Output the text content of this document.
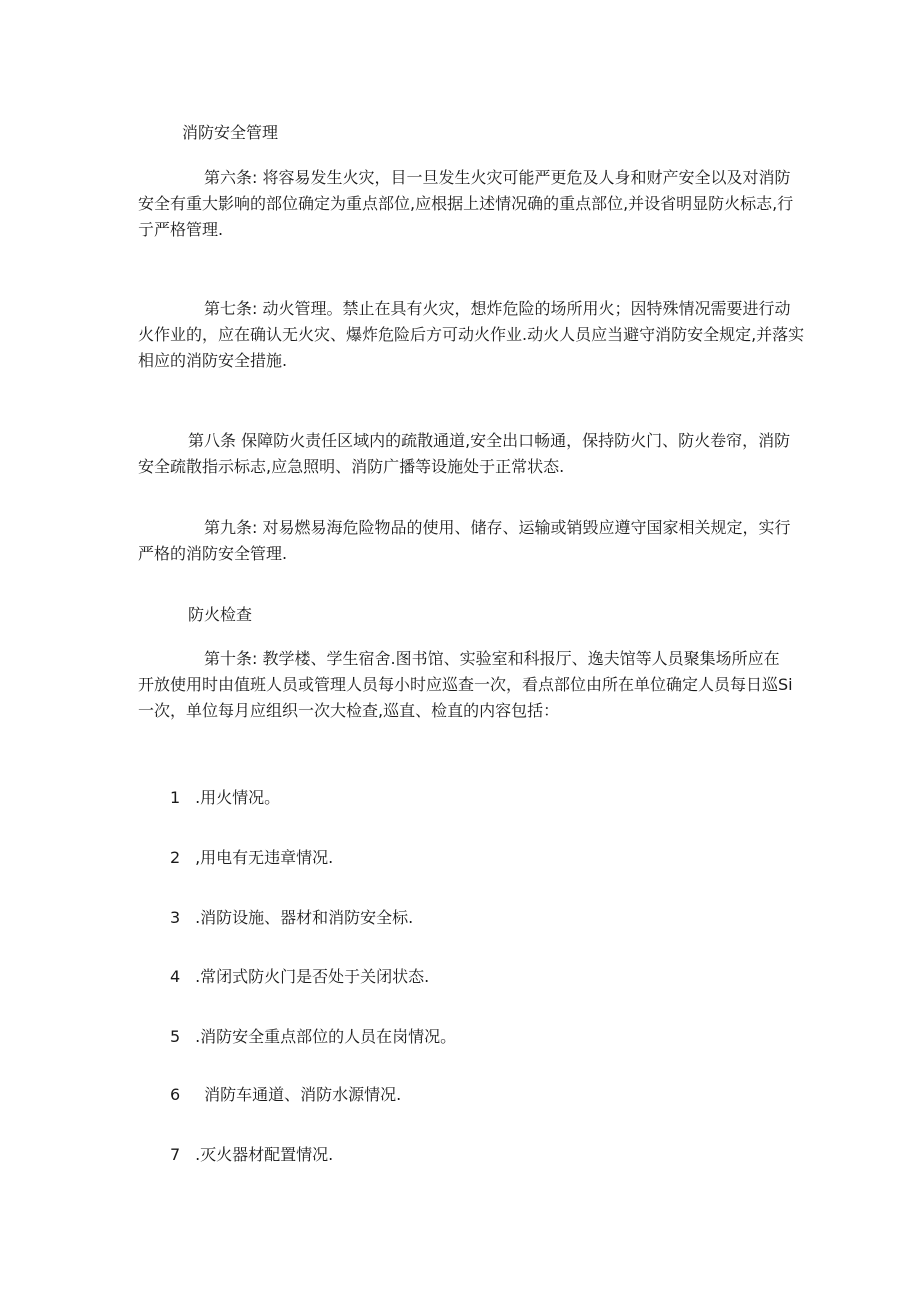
消防安全管理
第六条: 将容易发生火灾，目一旦发生火灾可能严更危及人身和财产安全以及对消防
安全有重大影响的部位确定为重点部位,应根据上述情况确的重点部位,并设省明显防火标志,行
亍严格管理.
第七条: 动火管理。禁止在具有火灾，想炸危险的场所用火；因特殊情况需要进行动
火作业的，应在确认无火灾、爆炸危险后方可动火作业.动火人员应当避守消防安全规定,并落实
相应的消防安全措施.
第八条 保障防火责任区域内的疏散通道,安全出口畅通，保持防火门、防火卷帘，消防
安全疏散指示标志,应急照明、消防广播等设施处于正常状态.
第九条: 对易燃易海危险物品的使用、储存、运输或销毁应遵守国家相关规定，实行
严格的消防安全管理.
防火检查
第十条: 教学楼、学生宿舍.图书馆、实验室和科报厅、逸夫馆等人员聚集场所应在
开放使用时由值班人员或管理人员每小时应巡查一次，看点部位由所在单位确定人员每日巡Si
一次，单位每月应组织一次大检查,巡直、检直的内容包括：
1 .用火情况。
2 ,用电有无违章情况.
3 .消防设施、器材和消防安全标.
4 .常闭式防火门是否处于关闭状态.
5 .消防安全重点部位的人员在岗情况。
6 消防车通道、消防水源情况.
7 .灭火器材配置情况.
